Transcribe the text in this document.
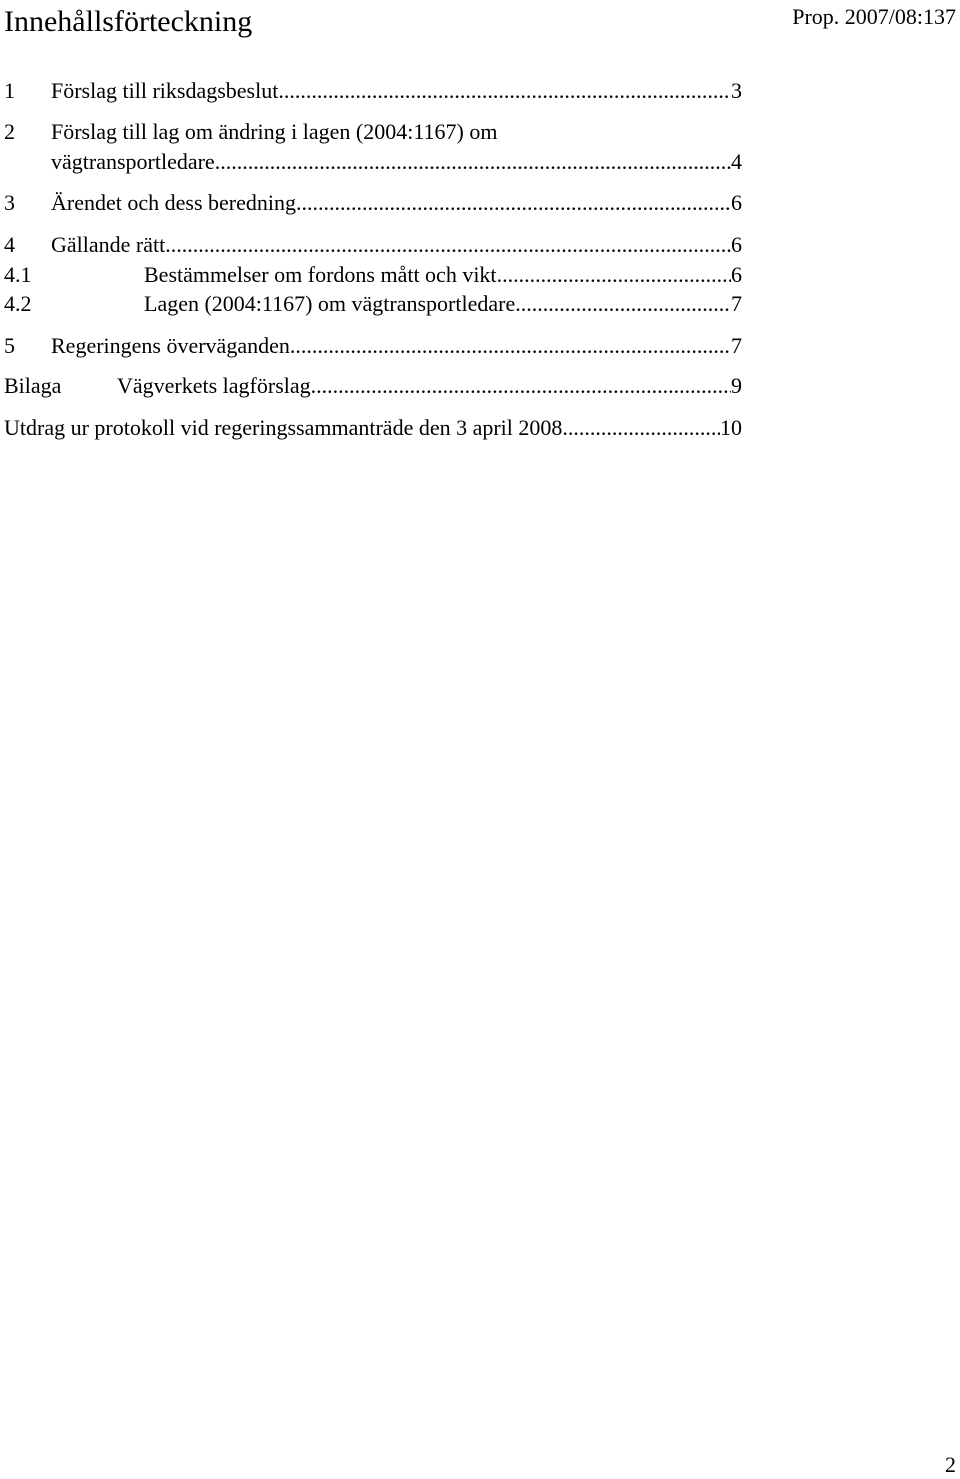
Innehållsförteckning	Prop. 2007/08:137
1	Förslag till riksdagsbeslut .....	3
2 Förslag till lag om ändring i lagen (2004:1167) om
vägtransportledare .....	4
3	Ärendet och dess beredning .....	6
4	Gällande rätt .....	6
4.1	Bestämmelser om fordons mått och vikt .....	6
4.2	Lagen (2004:1167) om vägtransportledare .....	7
5	Regeringens överväganden .....	7
Bilaga	Vägverkets lagförslag .....	9
Utdrag ur protokoll vid regeringssammanträde den 3 april 2008 .....	10
2
